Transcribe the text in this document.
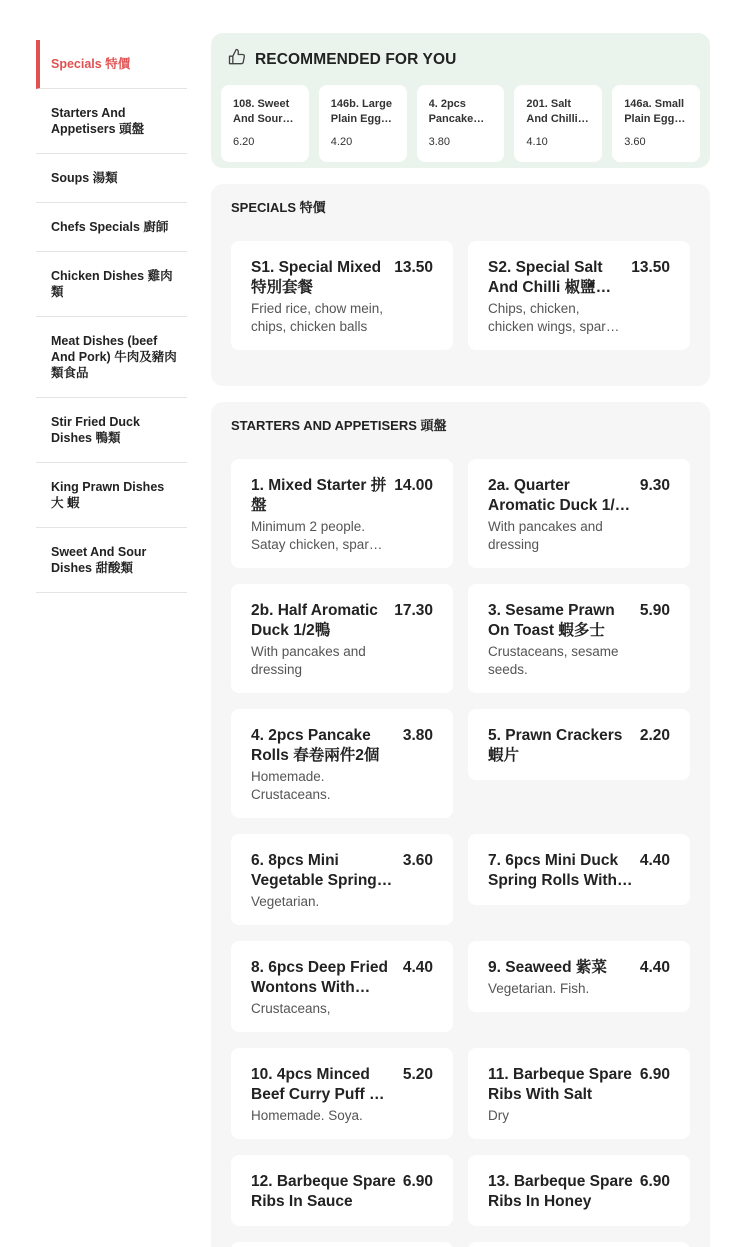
Specials 特價
Starters And Appetisers 頭盤
Soups 湯類
Chefs Specials 廚師
Chicken Dishes 雞肉類
Meat Dishes (beef And Pork) 牛肉及豬肉類食品
Stir Fried Duck Dishes 鴨類
King Prawn Dishes 大 蝦
Sweet And Sour Dishes 甜酸類
RECOMMENDED FOR YOU
108. Sweet And Sour
6.20
146b. Large Plain Egg
4.20
4. 2pcs Pancake
3.80
201. Salt And Chilli
4.10
146a. Small Plain Egg
3.60
SPECIALS 特價
S1. Special Mixed 特別套餐
Fried rice, chow mein, chips, chicken balls
13.50	S2. Special Salt And Chilli 椒鹽特
Chips, chicken, chicken wings, spare
13.50
STARTERS AND APPETISERS 頭盤
1. Mixed Starter 拼盤
Minimum 2 people. Satay chicken, spare
14.00	2a. Quarter Aromatic Duck 1/4
With pancakes and dressing
9.30
2b. Half Aromatic Duck 1/2鴨
With pancakes and dressing
17.30	3. Sesame Prawn On Toast 蝦多士
Crustaceans, sesame seeds.
5.90
4. 2pcs Pancake Rolls 春卷兩件2個
Homemade. Crustaceans.
3.80	5. Prawn Crackers 蝦片
2.20
6. 8pcs Mini Vegetable Spring
Vegetarian.
3.60	7. 6pcs Mini Duck Spring Rolls With
4.40
8. 6pcs Deep Fried Wontons With
Crustaceans,
4.40	9. Seaweed 紫菜
Vegetarian. Fish.
4.40
10. 4pcs Minced Beef Curry Puff 咖
Homemade. Soya.
5.20	11. Barbeque Spare Ribs With Salt
Dry
6.90
12. Barbeque Spare Ribs In Sauce
6.90	13. Barbeque Spare Ribs In Honey
6.90
